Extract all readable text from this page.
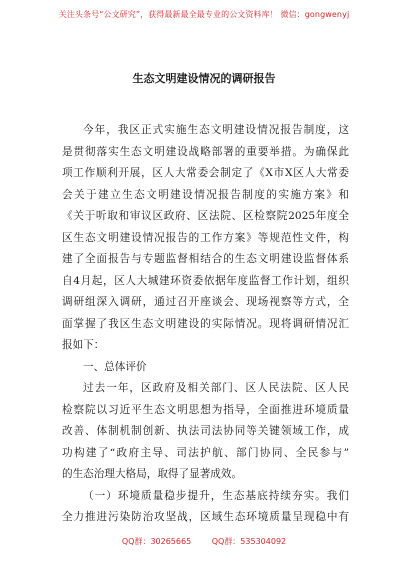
关注头条号“公文研究”，获得最新最全最专业的公文资料库！ 微信：gongwenyj
生态文明建设情况的调研报告
今年，我区正式实施生态文明建设情况报告制度，这
是贯彻落实生态文明建设战略部署的重要举措。为确保此
项工作顺利开展，区人大常委会制定了《X市X区人大常委
会关于建立生态文明建设情况报告制度的实施方案》和
《关于听取和审议区政府、区法院、区检察院2025年度全
区生态文明建设情况报告的工作方案》等规范性文件，构
建了全面报告与专题监督相结合的生态文明建设监督体系
自4月起，区人大城建环资委依据年度监督工作计划，组织
调研组深入调研，通过召开座谈会、现场视察等方式，全
面掌握了我区生态文明建设的实际情况。现将调研情况汇
报如下：
一、总体评价
过去一年，区政府及相关部门、区人民法院、区人民
检察院以习近平生态文明思想为指导，全面推进环境质量
改善、体制机制创新、执法司法协同等关键领域工作，成
功构建了“政府主导、司法护航、部门协同、全民参与”
的生态治理大格局，取得了显著成效。
（一）环境质量稳步提升，生态基底持续夯实。我们
全力推进污染防治攻坚战，区域生态环境质量呈现稳中有
QQ群：30265665	QQ群：535304092
